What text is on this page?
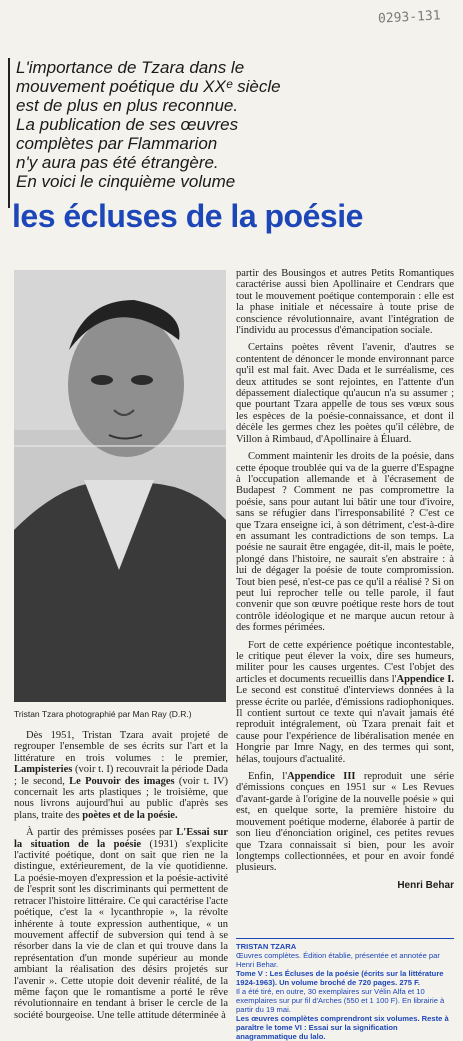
0293-131
L'importance de Tzara dans le
mouvement poétique du XXᵉ siècle
est de plus en plus reconnue.
La publication de ses œuvres
complètes par Flammarion
n'y aura pas été étrangère.
En voici le cinquième volume
les écluses de la poésie
Tristan Tzara photographié par Man Ray (D.R.)

Dès 1951, Tristan Tzara avait projeté de regrouper l'ensemble de ses écrits sur l'art et la littérature en trois volumes : le premier, Lampisteries (voir t. I) recouvrait la période Dada ; le second, Le Pouvoir des images (voir t. IV) concernait les arts plastiques ; le troisième, que nous livrons aujourd'hui au public d'après ses plans, traite des poètes et de la poésie.

À partir des prémisses posées par L'Essai sur la situation de la poésie (1931) s'explicite l'activité poétique, dont on sait que rien ne la distingue, extérieurement, de la vie quotidienne. La poésie-moyen d'expression et la poésie-activité de l'esprit sont les discriminants qui permettent de retracer l'histoire littéraire. Ce qui caractérise l'acte poétique, c'est la « lycanthropie », la révolte inhérente à toute expression authentique, « un mouvement affectif de subversion qui tend à se résorber dans la vie de clan et qui trouve dans la représentation d'un monde supérieur au monde ambiant la réalisation des désirs projetés sur l'avenir ». Cette utopie doit devenir réalité, de la même façon que le romantisme a porté le rêve révolutionnaire en tendant à briser le cercle de la société bourgeoise. Une telle attitude déterminée à

partir des Bousingos et autres Petits Romantiques caractérise aussi bien Apollinaire et Cendrars que tout le mouvement poétique contemporain : elle est la phase initiale et nécessaire à toute prise de conscience révolutionnaire, avant l'intégration de l'individu au processus d'émancipation sociale.

Certains poètes rêvent l'avenir, d'autres se contentent de dénoncer le monde environnant parce qu'il est mal fait. Avec Dada et le surréalisme, ces deux attitudes se sont rejointes, en l'attente d'un dépassement dialectique qu'aucun n'a su assumer ; que pourtant Tzara appelle de tous ses vœux sous les espèces de la poésie-connaissance, et dont il décèle les germes chez les poètes qu'il célèbre, de Villon à Rimbaud, d'Apollinaire à Éluard.

Comment maintenir les droits de la poésie, dans cette époque troublée qui va de la guerre d'Espagne à l'occupation allemande et à l'écrasement de Budapest ? Comment ne pas compromettre la poésie, sans pour autant lui bâtir une tour d'ivoire, sans se réfugier dans l'irresponsabilité ? C'est ce que Tzara enseigne ici, à son détriment, c'est-à-dire en assumant les contradictions de son temps. La poésie ne saurait être engagée, dit-il, mais le poète, plongé dans l'histoire, ne saurait s'en abstraire : à lui de dégager la poésie de toute compromission. Tout bien pesé, n'est-ce pas ce qu'il a réalisé ? Si on peut lui reprocher telle ou telle parole, il faut convenir que son œuvre poétique reste hors de tout contrôle idéologique et ne marque aucun retour à des formes périmées.

Fort de cette expérience poétique incontestable, le critique peut élever la voix, dire ses humeurs, militer pour les causes urgentes. C'est l'objet des articles et documents recueillis dans l'Appendice I. Le second est constitué d'interviews données à la presse écrite ou parlée, d'émissions radiophoniques. Il contient surtout ce texte qui n'avait jamais été reproduit intégralement, où Tzara prenait fait et cause pour l'expérience de libéralisation menée en Hongrie par Imre Nagy, en des termes qui sont, hélas, toujours d'actualité.

Enfin, l'Appendice III reproduit une série d'émissions conçues en 1951 sur « Les Revues d'avant-garde à l'origine de la nouvelle poésie » qui est, en quelque sorte, la première histoire du mouvement poétique moderne, élaborée à partir de son lieu d'énonciation originel, ces petites revues que Tzara connaissait si bien, pour les avoir longtemps collectionnées, et pour en avoir fondé plusieurs.

Henri Behar
TRISTAN TZARA
Œuvres complètes. Édition établie, présentée et annotée par Henri Behar.
Tome V : Les Écluses de la poésie (écrits sur la littérature 1924-1963). Un volume broché de 720 pages. 275 F.
Il a été tiré, en outre, 30 exemplaires sur Vélin Alfa et 10 exemplaires sur pur fil d'Arches (550 et 1 100 F). En librairie à partir du 19 mai.
Les œuvres complètes comprendront six volumes. Reste à paraître le tome VI : Essai sur la signification anagrammatique du lalo.
